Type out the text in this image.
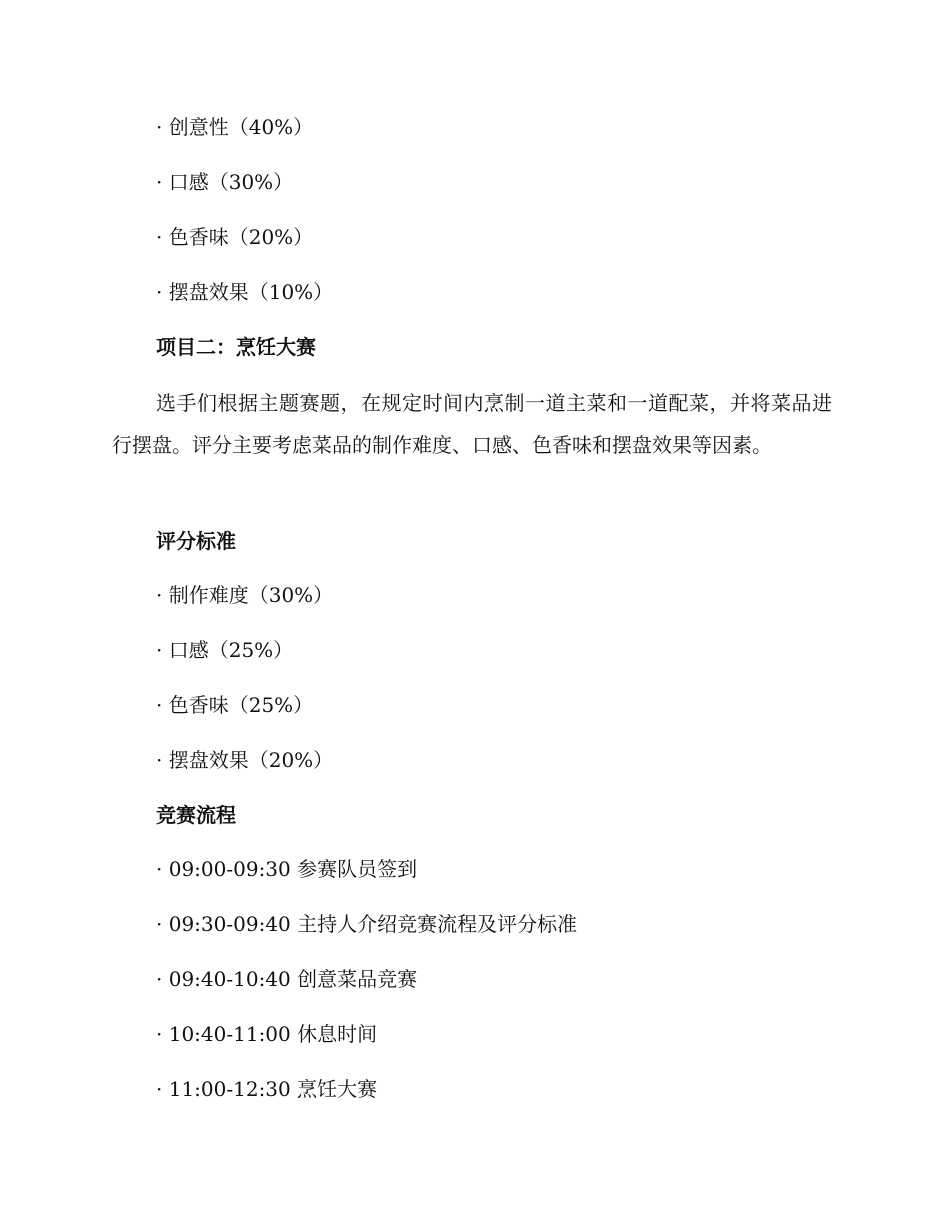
· 创意性（40%）
· 口感（30%）
· 色香味（20%）
· 摆盘效果（10%）
项目二：烹饪大赛
选手们根据主题赛题，在规定时间内烹制一道主菜和一道配菜，并将菜品进行摆盘。评分主要考虑菜品的制作难度、口感、色香味和摆盘效果等因素。
评分标准
· 制作难度（30%）
· 口感（25%）
· 色香味（25%）
· 摆盘效果（20%）
竞赛流程
· 09:00-09:30 参赛队员签到
· 09:30-09:40 主持人介绍竞赛流程及评分标准
· 09:40-10:40 创意菜品竞赛
· 10:40-11:00 休息时间
· 11:00-12:30 烹饪大赛
